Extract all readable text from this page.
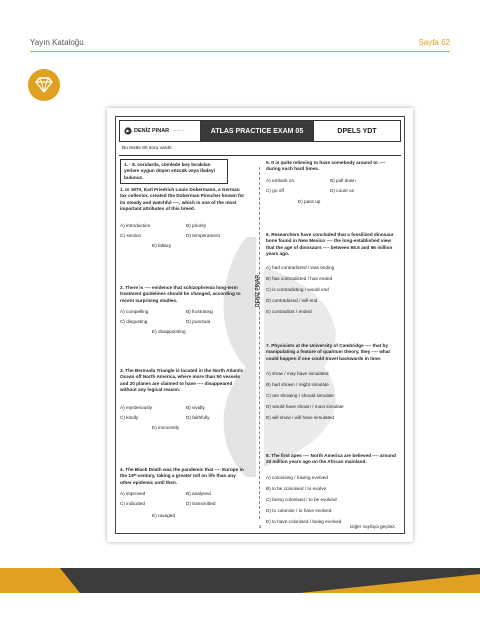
Yayın Kataloğu	Sayfa 62
DENİZ PINAR 〜〜〜	ATLAS PRACTICE EXAM 05	DPELS YDT
Bu testte 80 soru vardır.
DENİZ PINAR
1. - 8. sorularda, cümlede boş bırakılan yerlere uygun düşen sözcük veya ifadeyi bulunuz.
1. In 1870, Karl Friedrich Louis Dobermann, a German tax collector, created the Doberman Pinscher known for its steady and watchful ----, which is one of the most important attributes of this breed.
A) introduction	B) priority
C) section	D) temperament
E) fallacy
2. There is ---- evidence that schizophrenia long-term treatment guidelines should be changed, according to recent surprising studies.
A) compelling	B) frustrating
C) disgusting	D) punctual
E) disappointing
3. The Bermuda Triangle is located in the North Atlantic Ocean off North America, where more than 50 vessels and 20 planes are claimed to have ---- disappeared without any logical reason.
A) mysteriously	B) vividly
C) kindly	D) faithfully
E) innocently
4. The Black Death was the pandemic that ---- Europe in the 14ᵗʰ century, taking a greater toll on life than any other epidemic until then.
A) improved	B) analysed
C) indicated	D) transmitted
E) ravaged
5. It is quite relieving to have somebody around to ---- during such hard times.
A) embark on	B) pull down
C) go off	D) count on
E) pass up
6. Researchers have concluded that a fossilized dinosaur bone found in New Mexico ---- the long-established view that the age of dinosaurs ---- between 65.5 and 66 million years ago.
A) had contradicted / was ending
B) has contradicted / has ended
C) is contradicting / would end
D) contradicted / will end
E) contradicts / ended
7. Physicists at the University of Cambridge ---- that by manipulating a feature of quantum theory, they ---- what could happen if one could travel backwards in time.
A) show / may have simulated
B) had shown / might simulate
C) are showing / should simulate
D) would have shown / must simulate
E) will show / will have simulated
8. The first apes ---- North America are believed ---- around 20 million years ago on the African mainland.
A) colonising / having evolved
B) to be colonised / to evolve
C) being colonised / to be evolved
D) to colonise / to have evolved
E) to have colonised / being evolved
1	Diğer sayfaya geçiniz.
